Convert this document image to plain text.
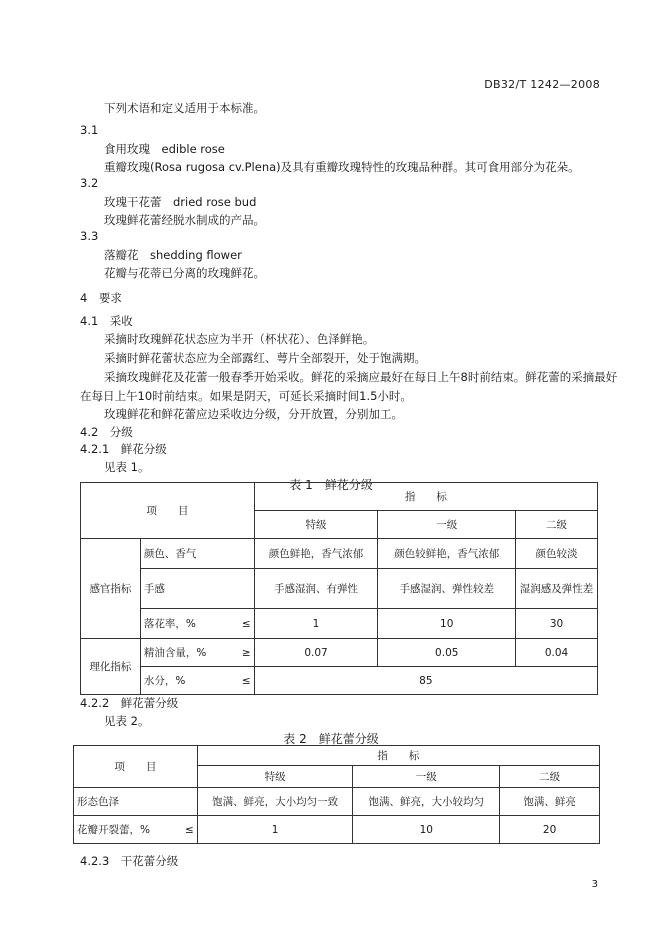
DB32/T 1242—2008
下列术语和定义适用于本标准。
3.1
食用玫瑰　edible rose
重瓣玫瑰(Rosa rugosa cv.Plena)及具有重瓣玫瑰特性的玫瑰品种群。其可食用部分为花朵。
3.2
玫瑰干花蕾　dried rose bud
玫瑰鲜花蕾经脱水制成的产品。
3.3
落瓣花　shedding flower
花瓣与花蒂已分离的玫瑰鲜花。
4　要求
4.1　采收
采摘时玫瑰鲜花状态应为半开（杯状花）、色泽鲜艳。
采摘时鲜花蕾状态应为全部露红、萼片全部裂开，处于饱满期。
采摘玫瑰鲜花及花蕾一般春季开始采收。鲜花的采摘应最好在每日上午8时前结束。鲜花蕾的采摘最好
在每日上午10时前结束。如果是阴天，可延长采摘时间1.5小时。
玫瑰鲜花和鲜花蕾应边采收边分级，分开放置，分别加工。
4.2　分级
4.2.1　鲜花分级
见表 1。
表 1　鲜花分级
项　　目		指　　标		
		特级	一级	二级
感官指标	颜色、香气	颜色鲜艳，香气浓郁	颜色较鲜艳，香气浓郁	颜色较淡
	手感	手感湿润、有弹性	手感湿润、弹性较差	湿润感及弹性差

	落花率，% ≤	1	10	30
理化指标	精油含量，% ≥	0.07	0.05	0.04

	水分，% ≤	85		
4.2.2　鲜花蕾分级
见表 2。
表 2　鲜花蕾分级
项　　目	指　　标		
	特级	一级	二级
形态色泽	饱满、鲜亮，大小均匀一致	饱满、鲜亮，大小较均匀	饱满、鲜亮

花瓣开裂蕾，% ≤	1	10	20
4.2.3　干花蕾分级
3
